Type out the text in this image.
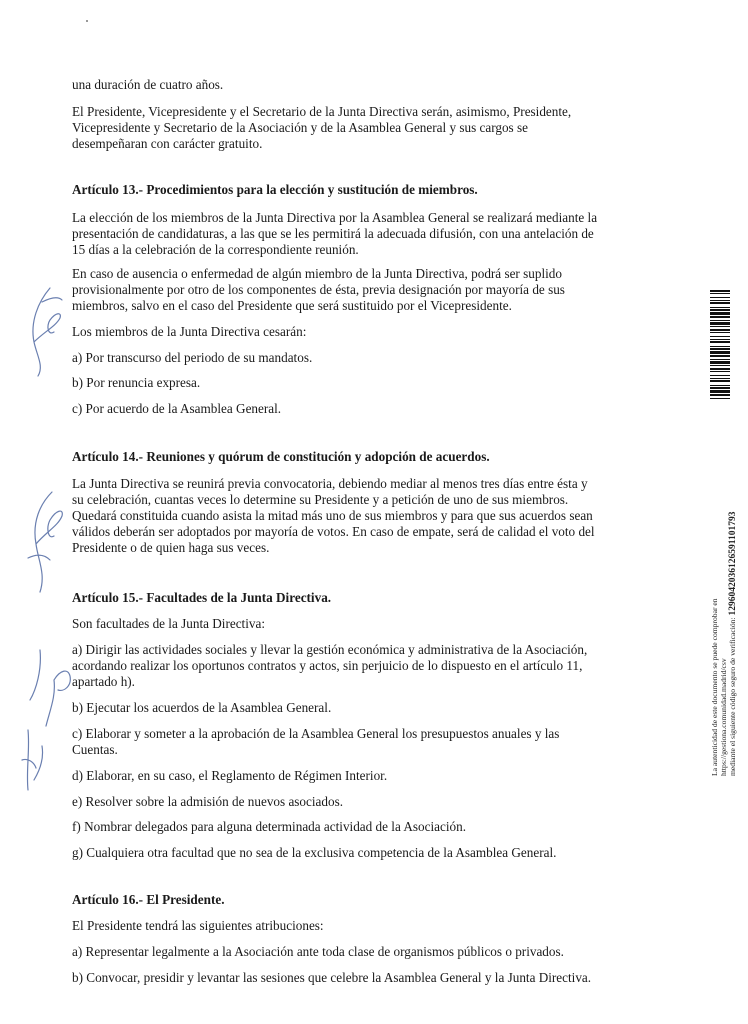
una duración de cuatro años.
El Presidente, Vicepresidente y el Secretario de la Junta Directiva serán, asimismo, Presidente,
Vicepresidente y Secretario de la Asociación y de la Asamblea General y sus cargos se
desempeñaran con carácter gratuito.
Artículo 13.- Procedimientos para la elección y sustitución de miembros.
La elección de los miembros de la Junta Directiva por la Asamblea General se realizará mediante la
presentación de candidaturas, a las que se les permitirá la adecuada difusión, con una antelación de
15 días a la celebración de la correspondiente reunión.
En caso de ausencia o enfermedad de algún miembro de la Junta Directiva, podrá ser suplido
provisionalmente por otro de los componentes de ésta, previa designación por mayoría de sus
miembros, salvo en el caso del Presidente que será sustituido por el Vicepresidente.
Los miembros de la Junta Directiva cesarán:
a) Por transcurso del periodo de su mandatos.
b) Por renuncia expresa.
c) Por acuerdo de la Asamblea General.
Artículo 14.- Reuniones y quórum de constitución y adopción de acuerdos.
La Junta Directiva se reunirá previa convocatoria, debiendo mediar al menos tres días entre ésta y
su celebración, cuantas veces lo determine su Presidente y a petición de uno de sus miembros.
Quedará constituida cuando asista la mitad más uno de sus miembros y para que sus acuerdos sean
válidos deberán ser adoptados por mayoría de votos. En caso de empate, será de calidad el voto del
Presidente o de quien haga sus veces.
Artículo 15.- Facultades de la Junta Directiva.
Son facultades de la Junta Directiva:
a) Dirigir las actividades sociales y llevar la gestión económica y administrativa de la Asociación,
acordando realizar los oportunos contratos y actos, sin perjuicio de lo dispuesto en el artículo 11,
apartado h).
b) Ejecutar los acuerdos de la Asamblea General.
c) Elaborar y someter a la aprobación de la Asamblea General los presupuestos anuales y las
Cuentas.
d) Elaborar, en su caso, el Reglamento de Régimen Interior.
e) Resolver sobre la admisión de nuevos asociados.
f) Nombrar delegados para alguna determinada actividad de la Asociación.
g) Cualquiera otra facultad que no sea de la exclusiva competencia de la Asamblea General.
Artículo 16.- El Presidente.
El Presidente tendrá las siguientes atribuciones:
a) Representar legalmente a la Asociación ante toda clase de organismos públicos o privados.
b) Convocar, presidir y levantar las sesiones que celebre la Asamblea General y la Junta Directiva.
La autenticidad de este documento se puede comprobar en https://gestiona.comunidad.madrid/csv mediante el siguiente código seguro de verificación: 1296042036126591101793
